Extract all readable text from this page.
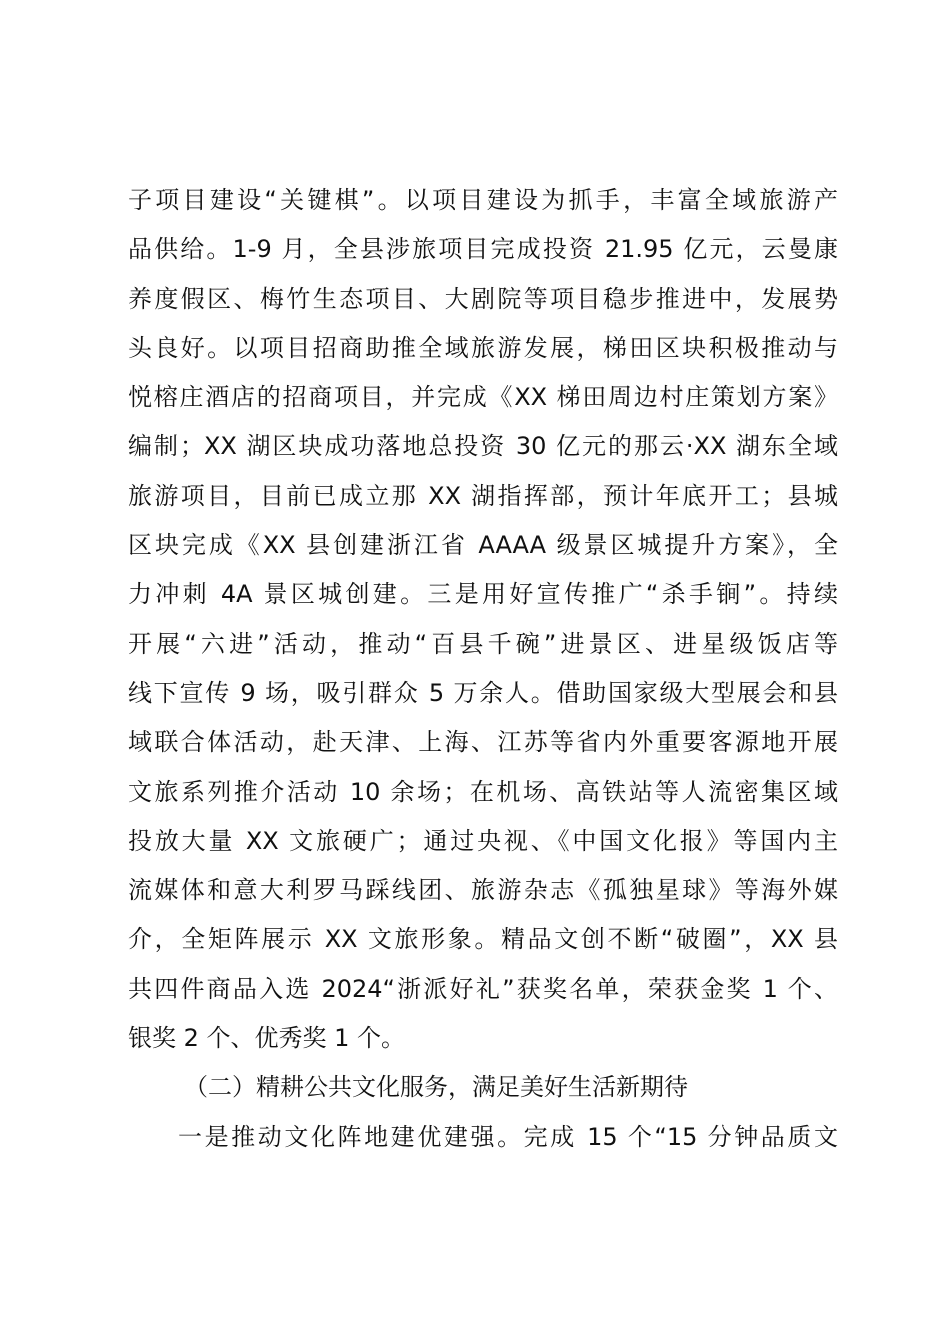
子项目建设“关键棋”。以项目建设为抓手，丰富全域旅游产
品供给。1-9 月，全县涉旅项目完成投资 21.95 亿元，云曼康
养度假区、梅竹生态项目、大剧院等项目稳步推进中，发展势
头良好。以项目招商助推全域旅游发展，梯田区块积极推动与
悦榕庄酒店的招商项目，并完成《XX 梯田周边村庄策划方案》
编制；XX 湖区块成功落地总投资 30 亿元的那云·XX 湖东全域
旅游项目，目前已成立那 XX 湖指挥部，预计年底开工；县城
区块完成《XX 县创建浙江省 AAAA 级景区城提升方案》，全
力冲刺 4A 景区城创建。三是用好宣传推广“杀手锏”。持续
开展“六进”活动，推动“百县千碗”进景区、进星级饭店等
线下宣传 9 场，吸引群众 5 万余人。借助国家级大型展会和县
域联合体活动，赴天津、上海、江苏等省内外重要客源地开展
文旅系列推介活动 10 余场；在机场、高铁站等人流密集区域
投放大量 XX 文旅硬广；通过央视、《中国文化报》等国内主
流媒体和意大利罗马踩线团、旅游杂志《孤独星球》等海外媒
介，全矩阵展示 XX 文旅形象。精品文创不断“破圈”，XX 县
共四件商品入选 2024“浙派好礼”获奖名单，荣获金奖 1 个、
银奖 2 个、优秀奖 1 个。
（二）精耕公共文化服务，满足美好生活新期待
一是推动文化阵地建优建强。完成 15 个“15 分钟品质文
